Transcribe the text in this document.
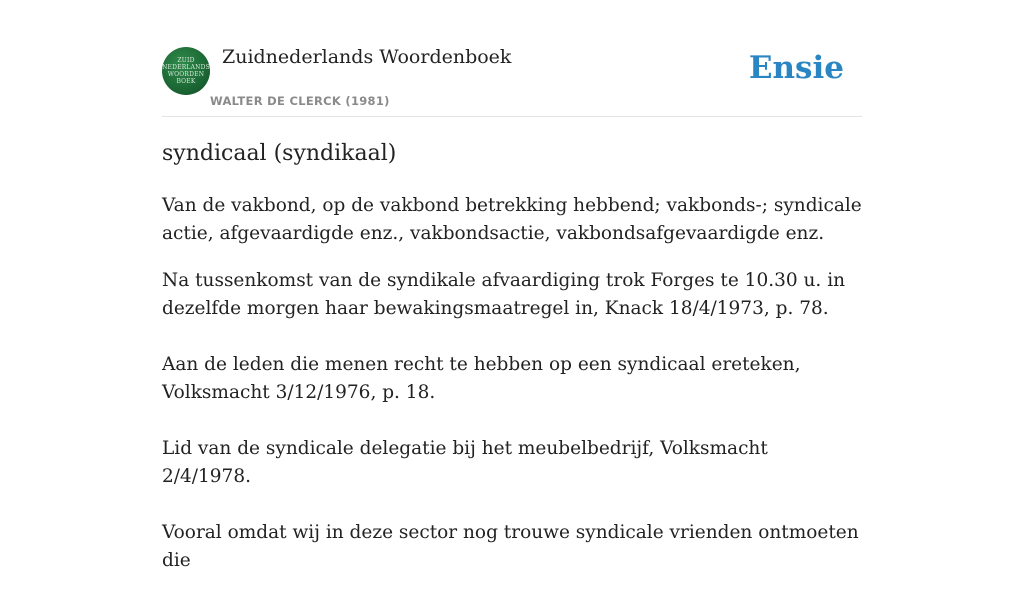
ZUID
NEDERLANDS
WOORDEN
BOEK
Zuidnederlands Woordenboek
WALTER DE CLERCK (1981)
Ensie
syndicaal (syndikaal)

Van de vakbond, op de vakbond betrekking hebbend; vakbonds-; syndicale actie, afgevaardigde enz., vakbondsactie, vakbondsafgevaardigde enz.

Na tussenkomst van de syndikale afvaardiging trok Forges te 10.30 u. in dezelfde morgen haar bewakingsmaatregel in, Knack 18/4/1973, p. 78.

Aan de leden die menen recht te hebben op een syndicaal ereteken, Volksmacht 3/12/1976, p. 18.

Lid van de syndicale delegatie bij het meubelbedrijf, Volksmacht 2/4/1978.

Vooral omdat wij in deze sector nog trouwe syndicale vrienden ontmoeten die
